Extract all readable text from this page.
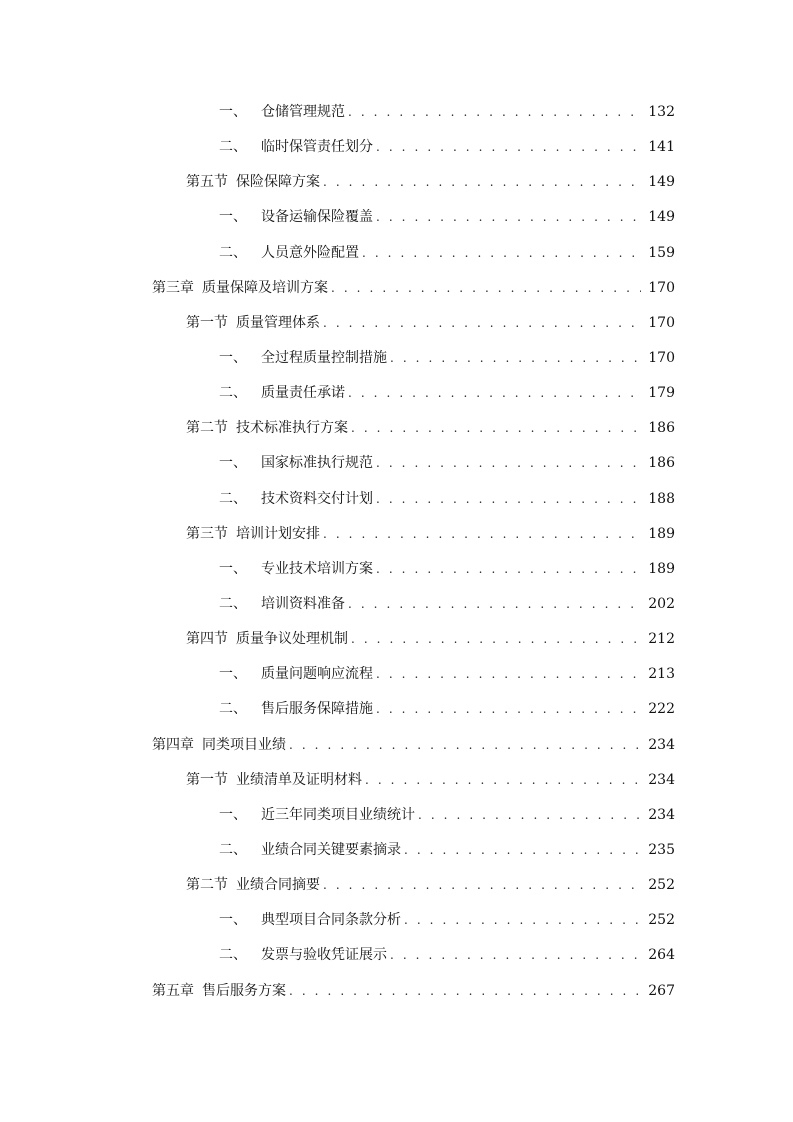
一、 仓储管理规范 . . .	132
二、 临时保管责任划分 . . .	141
第五节 保险保障方案 . . .	149
一、 设备运输保险覆盖 . . .	149
二、 人员意外险配置 . . .	159
第三章 质量保障及培训方案 . . .	170
第一节 质量管理体系 . . .	170
一、 全过程质量控制措施 . . .	170
二、 质量责任承诺 . . .	179
第二节 技术标准执行方案 . . .	186
一、 国家标准执行规范 . . .	186
二、 技术资料交付计划 . . .	188
第三节 培训计划安排 . . .	189
一、 专业技术培训方案 . . .	189
二、 培训资料准备 . . .	202
第四节 质量争议处理机制 . . .	212
一、 质量问题响应流程 . . .	213
二、 售后服务保障措施 . . .	222
第四章 同类项目业绩 . . .	234
第一节 业绩清单及证明材料 . . .	234
一、 近三年同类项目业绩统计 . . .	234
二、 业绩合同关键要素摘录 . . .	235
第二节 业绩合同摘要 . . .	252
一、 典型项目合同条款分析 . . .	252
二、 发票与验收凭证展示 . . .	264
第五章 售后服务方案 . . .	267
